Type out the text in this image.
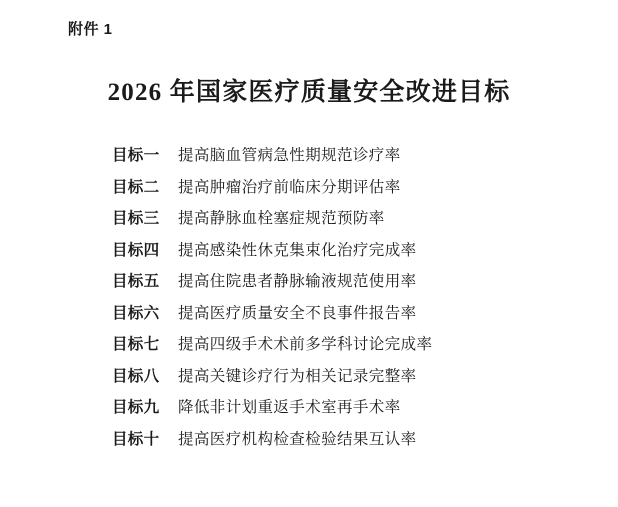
附件 1
2026 年国家医疗质量安全改进目标
目标一	提高脑血管病急性期规范诊疗率
目标二	提高肿瘤治疗前临床分期评估率
目标三	提高静脉血栓塞症规范预防率
目标四	提高感染性休克集束化治疗完成率
目标五	提高住院患者静脉输液规范使用率
目标六	提高医疗质量安全不良事件报告率
目标七	提高四级手术术前多学科讨论完成率
目标八	提高关键诊疗行为相关记录完整率
目标九	降低非计划重返手术室再手术率
目标十	提高医疗机构检查检验结果互认率
